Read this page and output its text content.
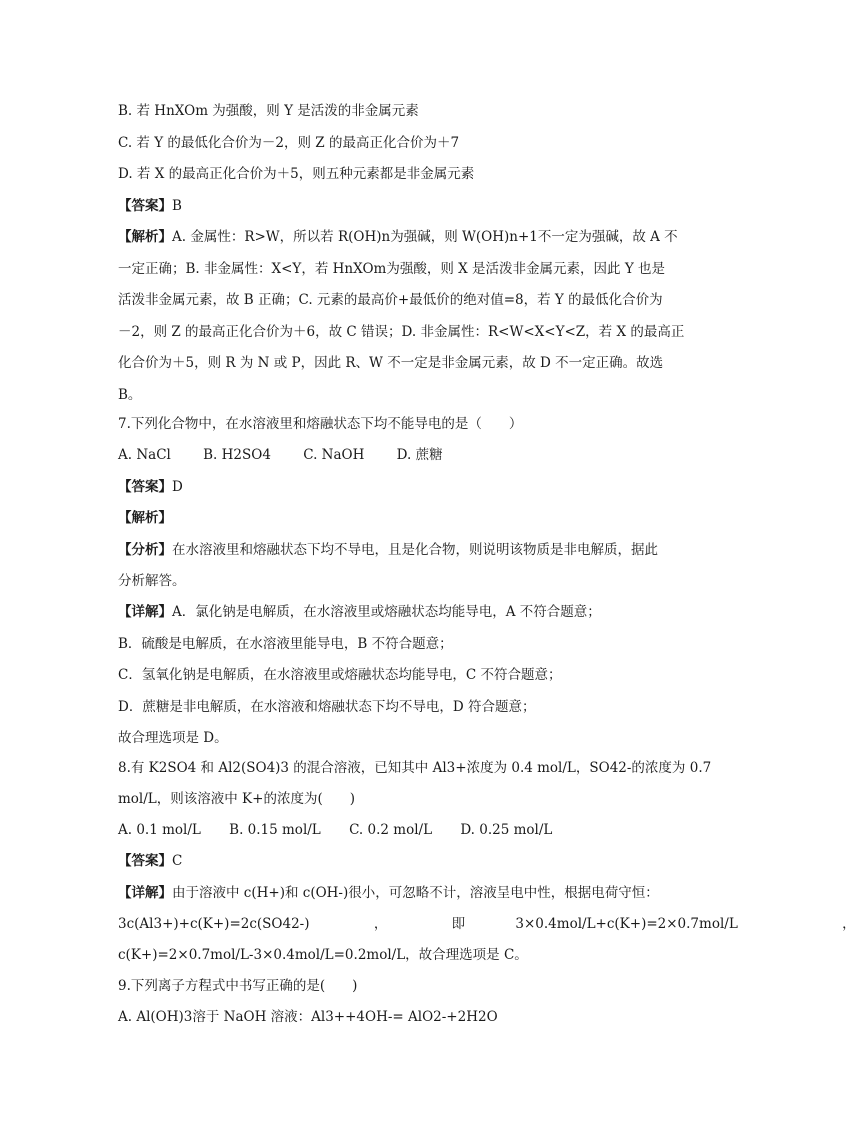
B. 若 HnXOm 为强酸，则 Y 是活泼的非金属元素
C. 若 Y 的最低化合价为－2，则 Z 的最高正化合价为＋7
D. 若 X 的最高正化合价为＋5，则五种元素都是非金属元素
【答案】B
【解析】A. 金属性：R>W，所以若 R(OH)n为强碱，则 W(OH)n+1不一定为强碱，故 A 不
一定正确；B. 非金属性：X<Y，若 HnXOm为强酸，则 X 是活泼非金属元素，因此 Y 也是
活泼非金属元素，故 B 正确；C. 元素的最高价+最低价的绝对值=8，若 Y 的最低化合价为
－2，则 Z 的最高正化合价为＋6，故 C 错误；D. 非金属性：R<W<X<Y<Z，若 X 的最高正
化合价为＋5，则 R 为 N 或 P，因此 R、W 不一定是非金属元素，故 D 不一定正确。故选
B。
7.下列化合物中，在水溶液里和熔融状态下均不能导电的是（　　）
A. NaCl B. H2SO4 C. NaOH D. 蔗糖
【答案】D
【解析】
【分析】在水溶液里和熔融状态下均不导电，且是化合物，则说明该物质是非电解质，据此
分析解答。
【详解】A．氯化钠是电解质，在水溶液里或熔融状态均能导电，A 不符合题意；
B．硫酸是电解质，在水溶液里能导电，B 不符合题意；
C．氢氧化钠是电解质，在水溶液里或熔融状态均能导电，C 不符合题意；
D．蔗糖是非电解质，在水溶液和熔融状态下均不导电，D 符合题意；
故合理选项是 D。
8.有 K2SO4 和 Al2(SO4)3 的混合溶液，已知其中 Al3+浓度为 0.4 mol/L，SO42-的浓度为 0.7
mol/L，则该溶液中 K+的浓度为(　　)
A. 0.1 mol/L B. 0.15 mol/L C. 0.2 mol/L D. 0.25 mol/L
【答案】C
【详解】由于溶液中 c(H+)和 c(OH-)很小，可忽略不计，溶液呈电中性，根据电荷守恒：
3c(Al3+)+c(K+)=2c(SO42-)	，	即	3×0.4mol/L+c(K+)=2×0.7mol/L	，
c(K+)=2×0.7mol/L-3×0.4mol/L=0.2mol/L，故合理选项是 C。
9.下列离子方程式中书写正确的是(　　)
A. Al(OH)3溶于 NaOH 溶液：Al3++4OH-= AlO2-+2H2O
